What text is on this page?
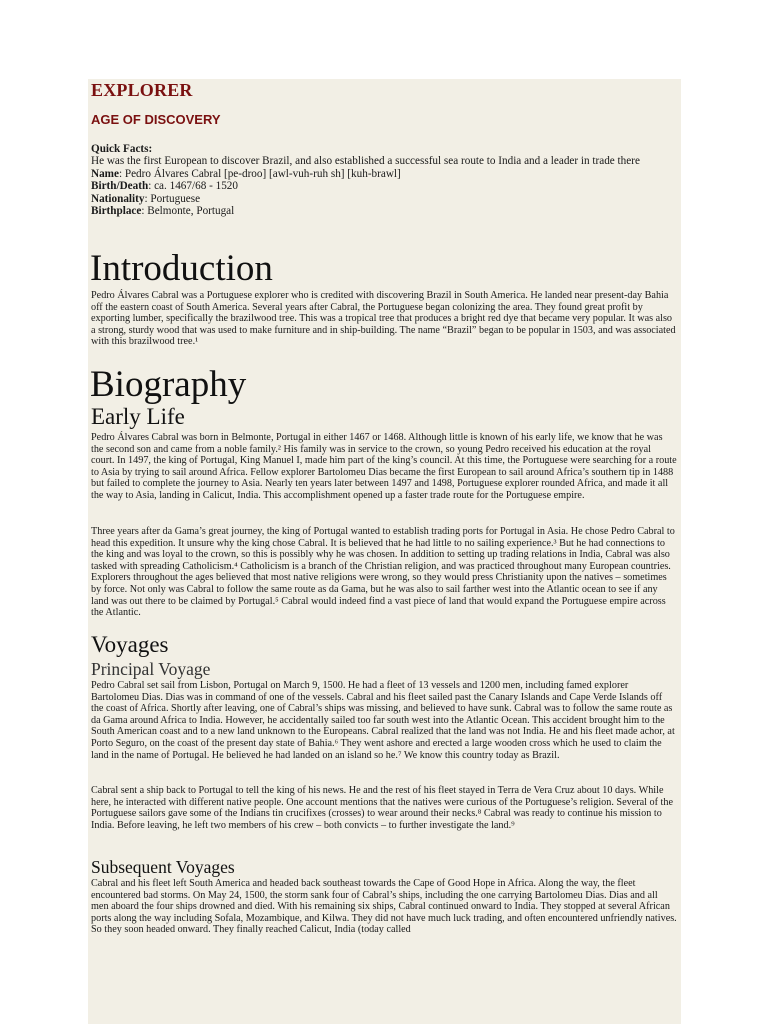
EXPLORER
AGE OF DISCOVERY
Quick Facts:
He was the first European to discover Brazil, and also established a successful sea route to India and a leader in trade there
Name: Pedro Álvares Cabral [pe-droo] [awl-vuh-ruh sh] [kuh-brawl]
Birth/Death: ca. 1467/68 - 1520
Nationality: Portuguese
Birthplace: Belmonte, Portugal
Introduction

Pedro Álvares Cabral was a Portuguese explorer who is credited with discovering Brazil in South America. He landed near present-day Bahia off the eastern coast of South America. Several years after Cabral, the Portuguese began colonizing the area. They found great profit by exporting lumber, specifically the brazilwood tree. This was a tropical tree that produces a bright red dye that became very popular. It was also a strong, sturdy wood that was used to make furniture and in ship-building. The name “Brazil” began to be popular in 1503, and was associated with this brazilwood tree.¹

Biography
Early Life

Pedro Álvares Cabral was born in Belmonte, Portugal in either 1467 or 1468. Although little is known of his early life, we know that he was the second son and came from a noble family.² His family was in service to the crown, so young Pedro received his education at the royal court. In 1497, the king of Portugal, King Manuel I, made him part of the king’s council. At this time, the Portuguese were searching for a route to Asia by trying to sail around Africa. Fellow explorer Bartolomeu Dias became the first European to sail around Africa’s southern tip in 1488 but failed to complete the journey to Asia. Nearly ten years later between 1497 and 1498, Portuguese explorer rounded Africa, and made it all the way to Asia, landing in Calicut, India. This accomplishment opened up a faster trade route for the Portuguese empire.

Three years after da Gama’s great journey, the king of Portugal wanted to establish trading ports for Portugal in Asia. He chose Pedro Cabral to head this expedition. It unsure why the king chose Cabral. It is believed that he had little to no sailing experience.³ But he had connections to the king and was loyal to the crown, so this is possibly why he was chosen. In addition to setting up trading relations in India, Cabral was also tasked with spreading Catholicism.⁴ Catholicism is a branch of the Christian religion, and was practiced throughout many European countries. Explorers throughout the ages believed that most native religions were wrong, so they would press Christianity upon the natives – sometimes by force. Not only was Cabral to follow the same route as da Gama, but he was also to sail farther west into the Atlantic ocean to see if any land was out there to be claimed by Portugal.⁵ Cabral would indeed find a vast piece of land that would expand the Portuguese empire across the Atlantic.

Voyages
Principal Voyage

Pedro Cabral set sail from Lisbon, Portugal on March 9, 1500. He had a fleet of 13 vessels and 1200 men, including famed explorer Bartolomeu Dias. Dias was in command of one of the vessels. Cabral and his fleet sailed past the Canary Islands and Cape Verde Islands off the coast of Africa. Shortly after leaving, one of Cabral’s ships was missing, and believed to have sunk. Cabral was to follow the same route as da Gama around Africa to India. However, he accidentally sailed too far south west into the Atlantic Ocean. This accident brought him to the South American coast and to a new land unknown to the Europeans. Cabral realized that the land was not India. He and his fleet made achor, at Porto Seguro, on the coast of the present day state of Bahia.⁶ They went ashore and erected a large wooden cross which he used to claim the land in the name of Portugal. He believed he had landed on an island so he.⁷ We know this country today as Brazil.

Cabral sent a ship back to Portugal to tell the king of his news. He and the rest of his fleet stayed in Terra de Vera Cruz about 10 days. While here, he interacted with different native people. One account mentions that the natives were curious of the Portuguese’s religion. Several of the Portuguese sailors gave some of the Indians tin crucifixes (crosses) to wear around their necks.⁸ Cabral was ready to continue his mission to India. Before leaving, he left two members of his crew – both convicts – to further investigate the land.⁹

Subsequent Voyages

Cabral and his fleet left South America and headed back southeast towards the Cape of Good Hope in Africa. Along the way, the fleet encountered bad storms. On May 24, 1500, the storm sank four of Cabral’s ships, including the one carrying Bartolomeu Dias. Dias and all men aboard the four ships drowned and died. With his remaining six ships, Cabral continued onward to India. They stopped at several African ports along the way including Sofala, Mozambique, and Kilwa. They did not have much luck trading, and often encountered unfriendly natives. So they soon headed onward. They finally reached Calicut, India (today called
